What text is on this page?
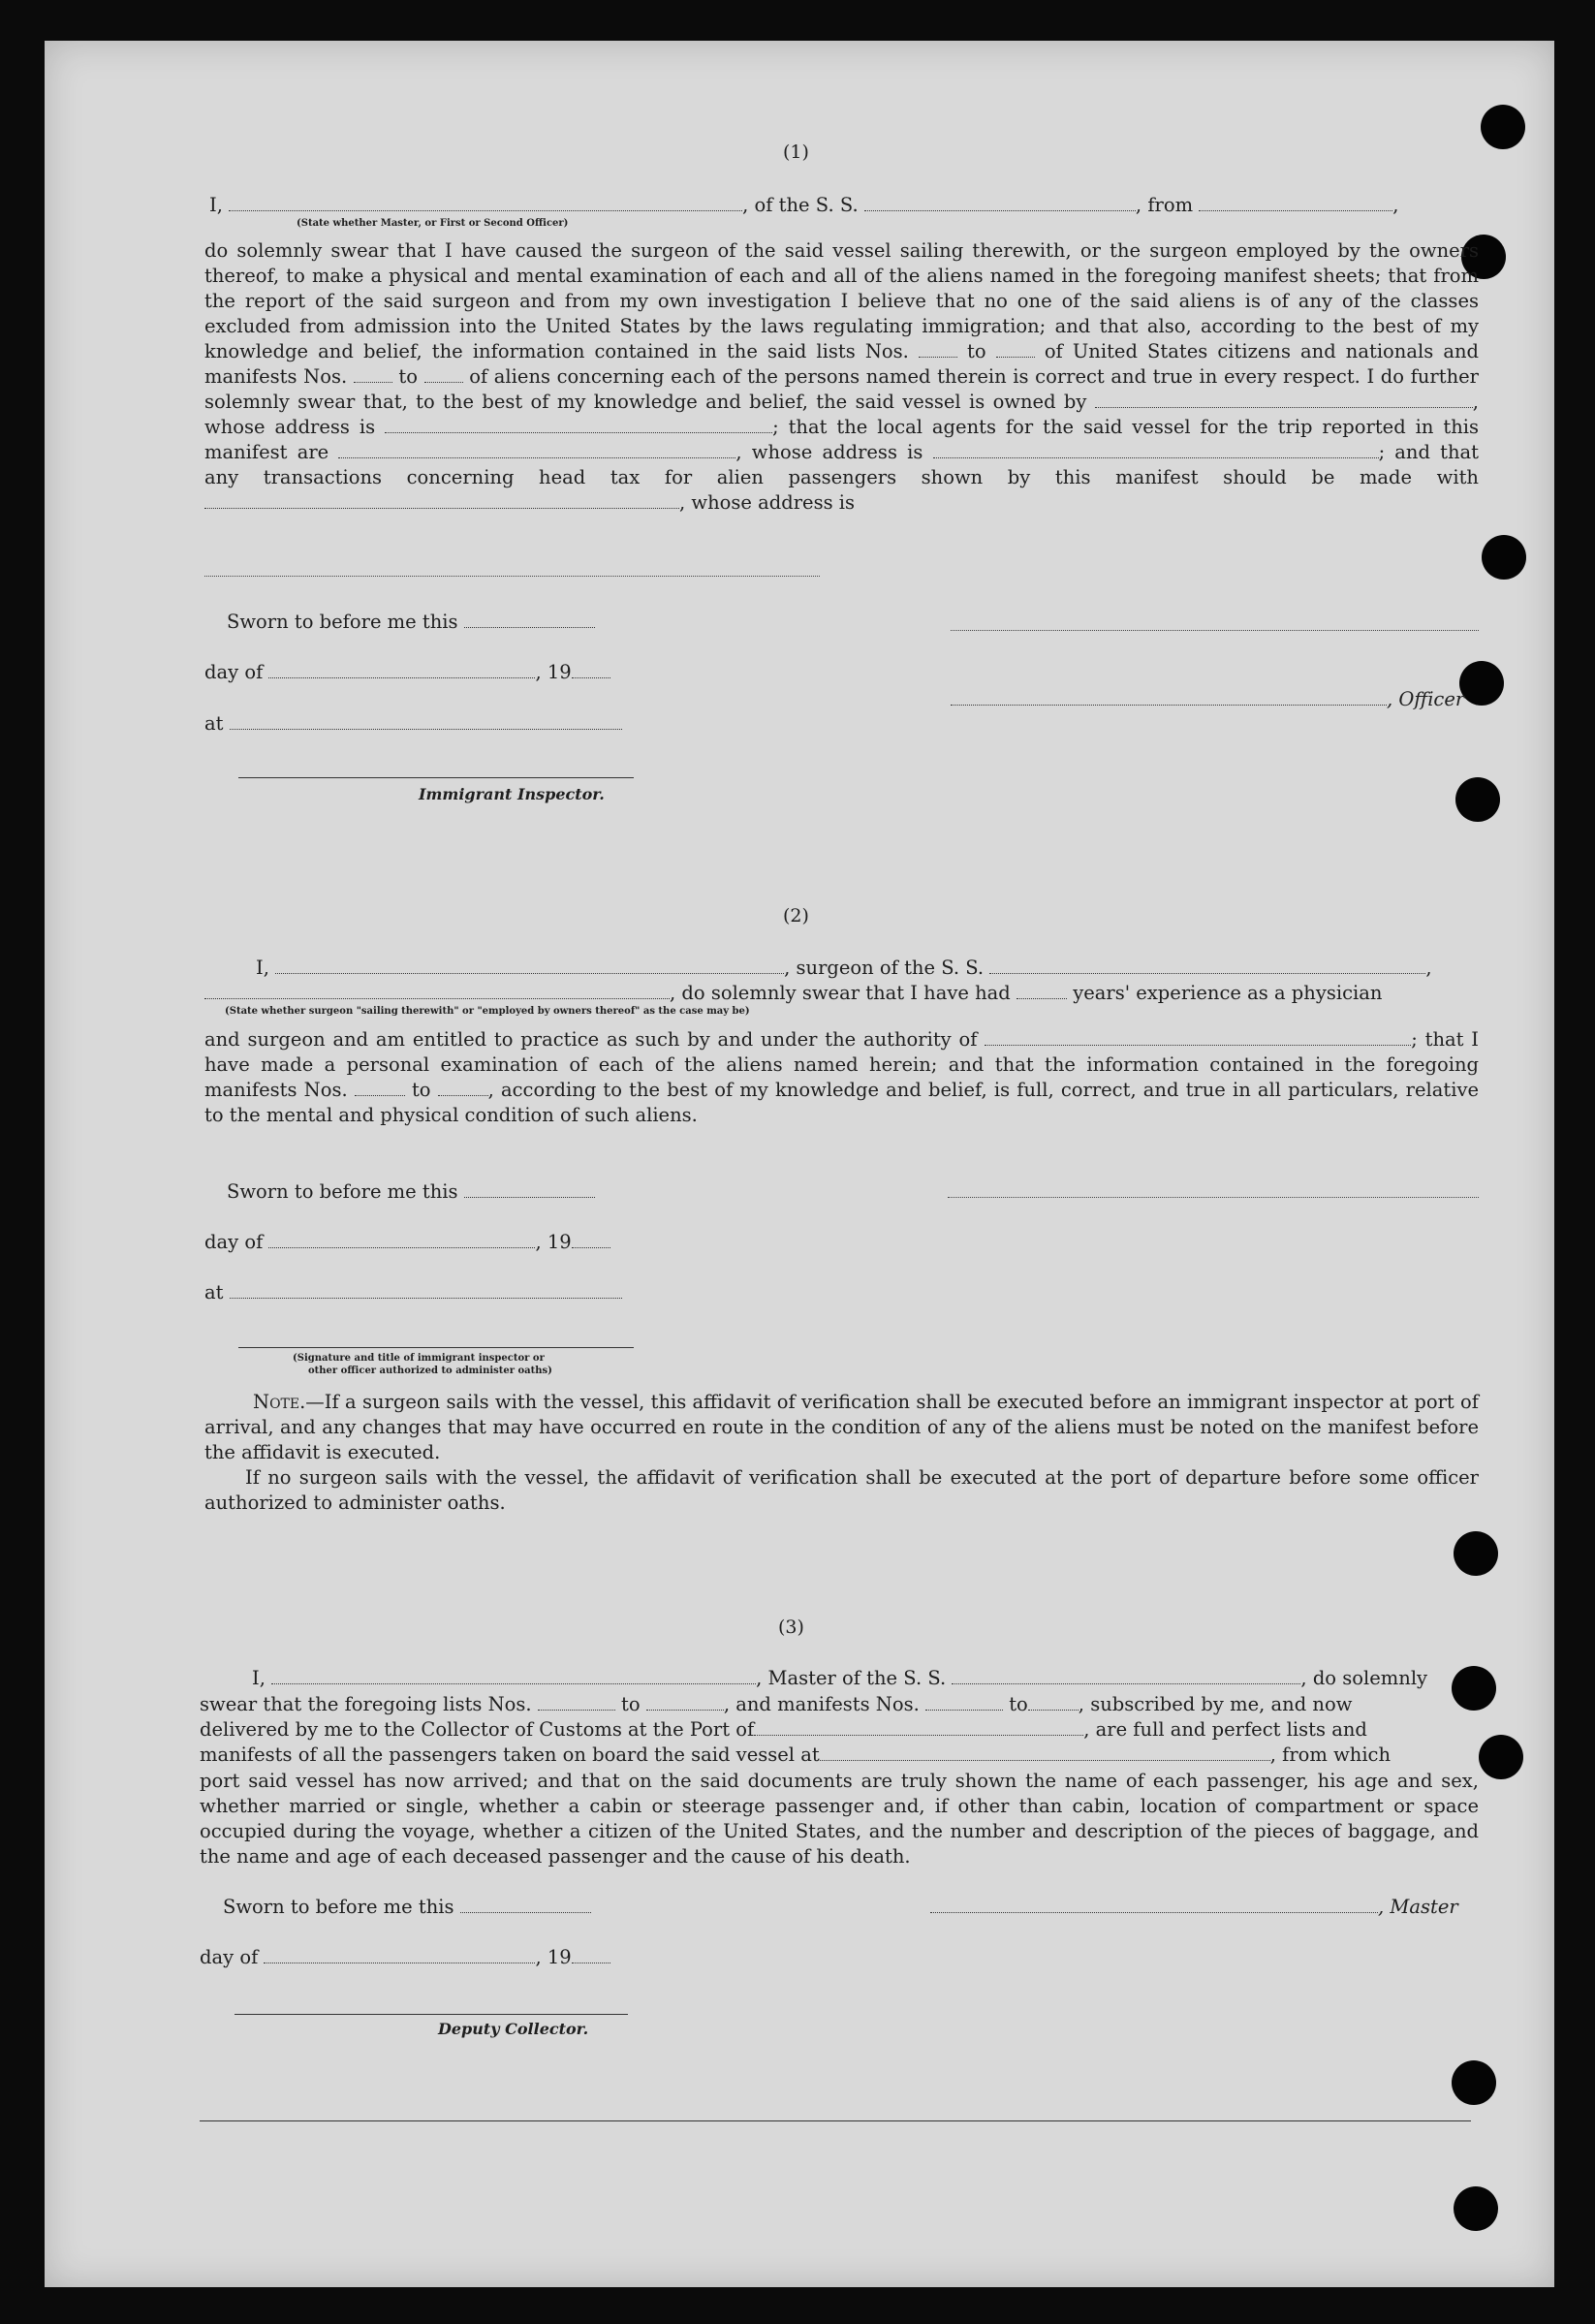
(1)
I,	, of the S. S.	, from	,
(State whether Master, or First or Second Officer)
do solemnly swear that I have caused the surgeon of the said vessel sailing therewith, or the surgeon employed by the owners thereof, to make a physical and mental examination of each and all of the aliens named in the foregoing manifest sheets; that from the report of the said surgeon and from my own investigation I believe that no one of the said aliens is of any of the classes excluded from admission into the United States by the laws regulating immigration; and that also, according to the best of my knowledge and belief, the information contained in the said lists Nos.	to	of United States citizens and nationals and manifests Nos.	to	of aliens concerning each of the persons named therein is correct and true in every respect. I do further solemnly swear that, to the best of my knowledge and belief, the said vessel is owned by	, whose address is	; that the local agents for the said vessel for the trip reported in this manifest are	, whose address is	; and that any transactions concerning head tax for alien passengers shown by this manifest should be made with , whose address is
Sworn to before me this
day of	, 19
, Officer
at
Immigrant Inspector.
(2)
I,	, surgeon of the S. S.	,
, do solemnly swear that I have had	years' experience as a physician
(State whether surgeon "sailing therewith" or "employed by owners thereof" as the case may be)
and surgeon and am entitled to practice as such by and under the authority of	; that I have made a personal examination of each of the aliens named herein; and that the information contained in the foregoing manifests Nos.	to	, according to the best of my knowledge and belief, is full, correct, and true in all particulars, relative to the mental and physical condition of such aliens.
Sworn to before me this
day of	, 19
at
(Signature and title of immigrant inspector or
other officer authorized to administer oaths)
Note.—If a surgeon sails with the vessel, this affidavit of verification shall be executed before an immigrant inspector at port of arrival, and any changes that may have occurred en route in the condition of any of the aliens must be noted on the manifest before the affidavit is executed.
If no surgeon sails with the vessel, the affidavit of verification shall be executed at the port of departure before some officer authorized to administer oaths.
(3)
I,	, Master of the S. S.	, do solemnly
swear that the foregoing lists Nos.	to	, and manifests Nos.	to	, subscribed by me, and now
delivered by me to the Collector of Customs at the Port of	, are full and perfect lists and
manifests of all the passengers taken on board the said vessel at	, from which
port said vessel has now arrived; and that on the said documents are truly shown the name of each passenger, his age and sex, whether married or single, whether a cabin or steerage passenger and, if other than cabin, location of compartment or space occupied during the voyage, whether a citizen of the United States, and the number and description of the pieces of baggage, and the name and age of each deceased passenger and the cause of his death.
Sworn to before me this	, Master
day of	, 19
Deputy Collector.
